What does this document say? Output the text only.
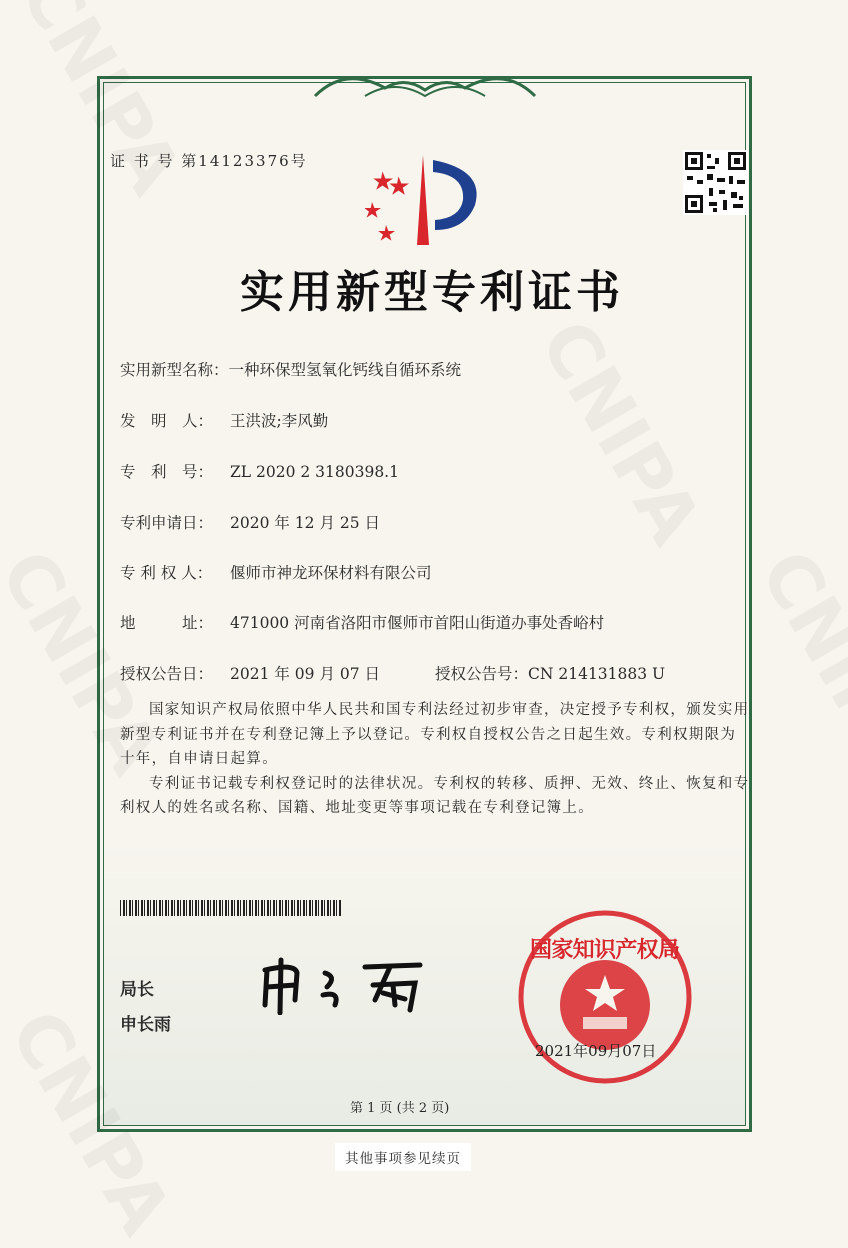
证 书 号 第14123376号
实用新型专利证书
实用新型名称：一种环保型氢氧化钙线自循环系统
发　明　人： 王洪波;李风勤
专　利　号： ZL 2020 2 3180398.1
专利申请日： 2020 年 12 月 25 日
专 利 权 人： 偃师市神龙环保材料有限公司
地　　　址： 471000 河南省洛阳市偃师市首阳山街道办事处香峪村
授权公告日： 2021 年 09 月 07 日	授权公告号：CN 214131883 U

国家知识产权局依照中华人民共和国专利法经过初步审查，决定授予专利权，颁发实用新型专利证书并在专利登记簿上予以登记。专利权自授权公告之日起生效。专利权期限为十年，自申请日起算。

专利证书记载专利权登记时的法律状况。专利权的转移、质押、无效、终止、恢复和专利权人的姓名或名称、国籍、地址变更等事项记载在专利登记簿上。

局长
申长雨
国家知识产权局
2021年09月07日
第 1 页 (共 2 页)
其他事项参见续页
